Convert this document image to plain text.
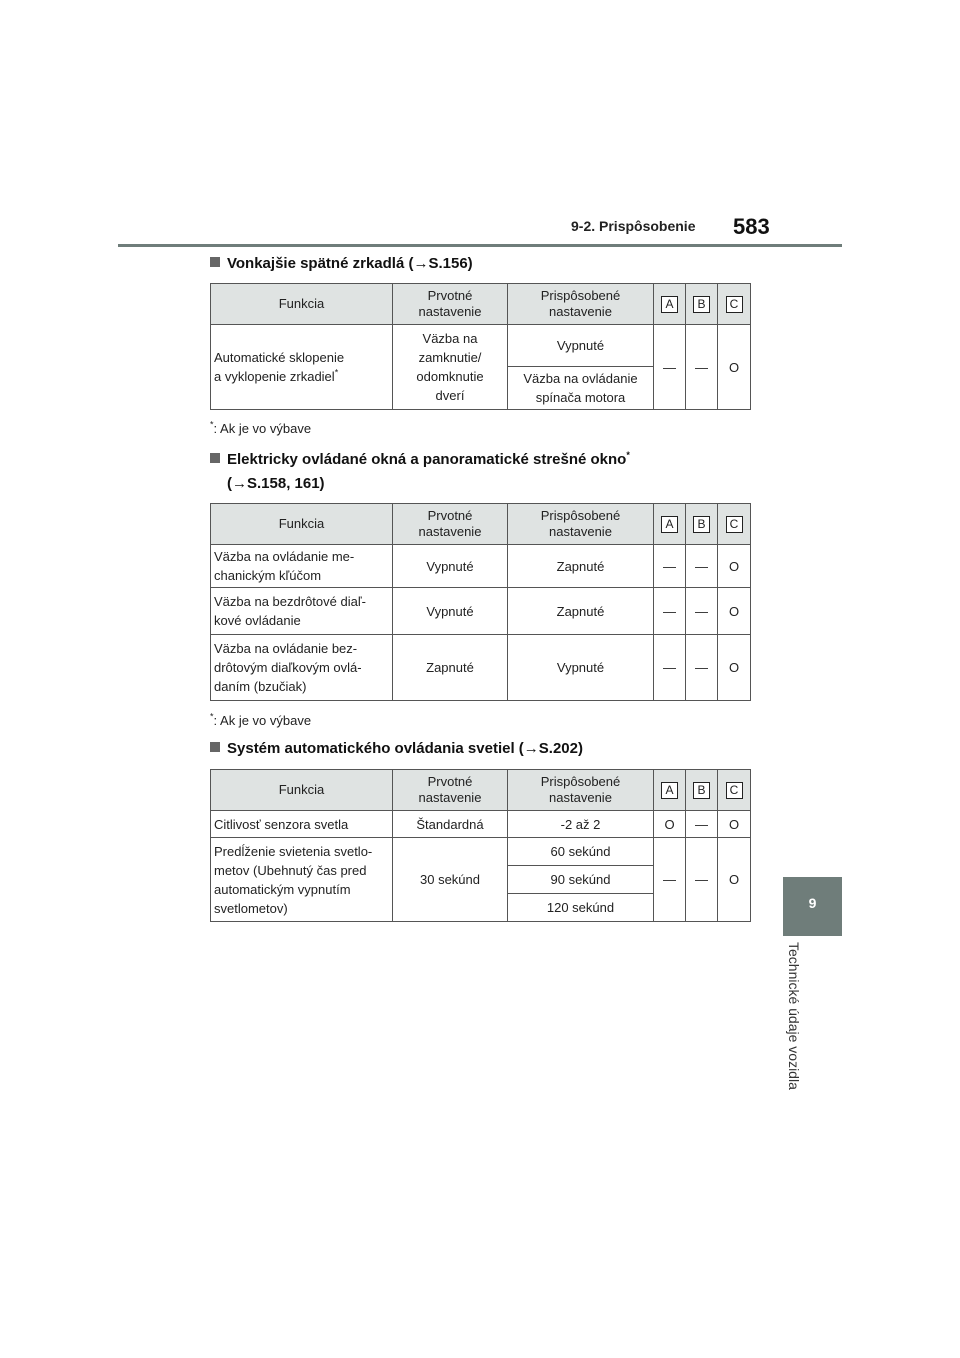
9-2. Prispôsobenie 583
9
Technické údaje vozidla
Vonkajšie spätné zrkadlá (→S.156)
Funkcia	Prvotné
nastavenie	Prispôsobené
nastavenie	A	B	C
Automatické sklopenie
a vyklopenie zrkadiel*	Väzba na
zamknutie/
odomknutie
dverí	Vypnuté	—	—	O
		Väzba na ovládanie
spínača motora			
*: Ak je vo výbave
Elektricky ovládané okná a panoramatické strešné okno*
(→S.158, 161)
Funkcia	Prvotné
nastavenie	Prispôsobené
nastavenie	A	B	C
Väzba na ovládanie me-
chanickým kľúčom	Vypnuté	Zapnuté	—	—	O
Väzba na bezdrôtové diaľ-
kové ovládanie	Vypnuté	Zapnuté	—	—	O
Väzba na ovládanie bez-
drôtovým diaľkovým ovlá-
daním (bzučiak)	Zapnuté	Vypnuté	—	—	O
*: Ak je vo výbave
Systém automatického ovládania svetiel (→S.202)
Funkcia	Prvotné
nastavenie	Prispôsobené
nastavenie	A	B	C
Citlivosť senzora svetla	Štandardná	-2 až 2	O	—	O
Predĺženie svietenia svetlo-
metov (Ubehnutý čas pred
automatickým vypnutím
svetlometov)	30 sekúnd	60 sekúnd	—	—	O
		90 sekúnd			
		120 sekúnd			
